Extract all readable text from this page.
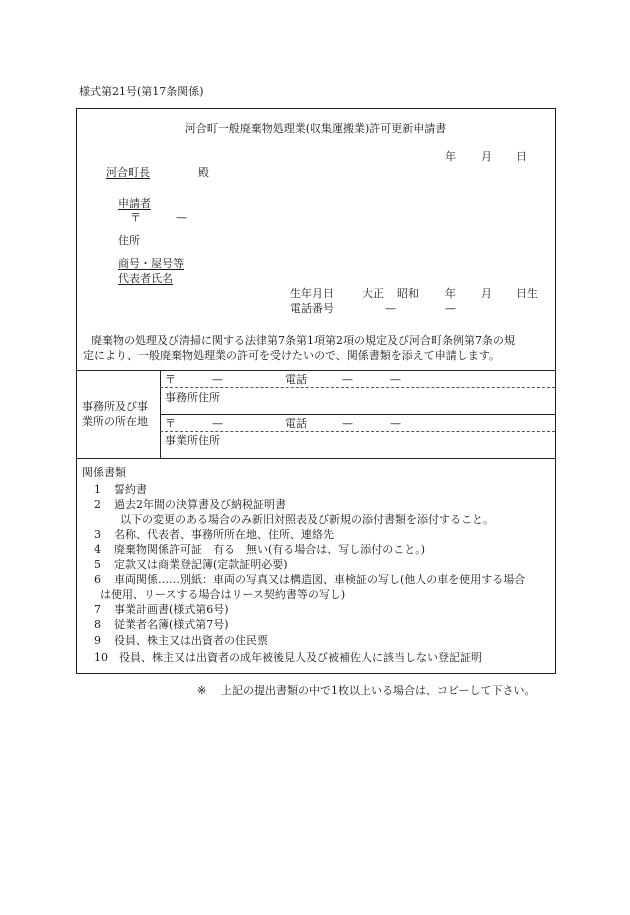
様式第21号(第17条関係)
河合町一般廃棄物処理業(収集運搬業)許可更新申請書
年 月 日
河合町長	殿
申請者
〒	—
住所
商号・屋号等
代表者氏名
生年月日	大正 昭和 年 月 日生
電話番号	—	—
廃棄物の処理及び清掃に関する法律第7条第1項第2項の規定及び河合町条例第7条の規
定により、一般廃棄物処理業の許可を受けたいので、関係書類を添えて申請します。
事務所及び事
業所の所在地
〒	—	電話	—	—
事務所住所
〒	—	電話	—	—
事業所住所
関係書類
1 誓約書
2 過去2年間の決算書及び納税証明書
以下の変更のある場合のみ新旧対照表及び新規の添付書類を添付すること。
3 名称、代表者、事務所所在地、住所、連絡先
4 廃棄物関係許可証　有る　無い(有る場合は、写し添付のこと。)
5 定款又は商業登記簿(定款証明必要)
6 車両関係……別紙：車両の写真又は構造図、車検証の写し(他人の車を使用する場合
は使用、リースする場合はリース契約書等の写し)
7 事業計画書(様式第6号)
8 従業者名簿(様式第7号)
9 役員、株主又は出資者の住民票
10 役員、株主又は出資者の成年被後見人及び被補佐人に該当しない登記証明
※ 上記の提出書類の中で1枚以上いる場合は、コピーして下さい。
